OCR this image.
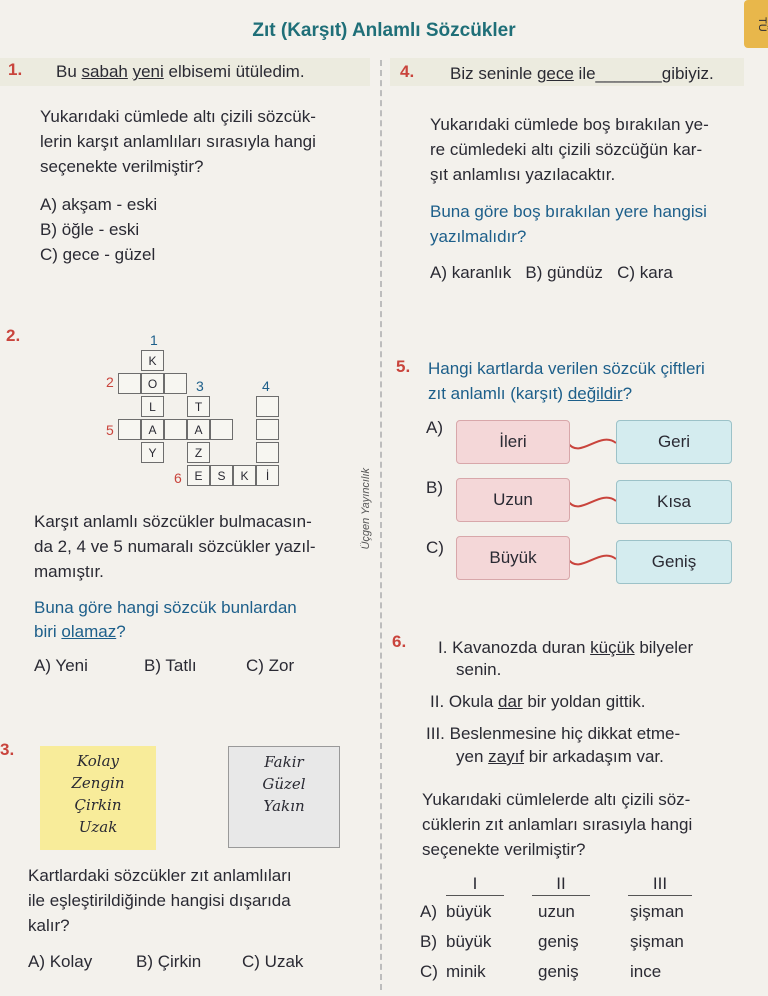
TÜ
Zıt (Karşıt) Anlamlı Sözcükler
Üçgen Yayıncılık
1. Bu sabah yeni elbisemi ütüledim.
Yukarıdaki cümlede altı çizili sözcük-
lerin karşıt anlamlıları sırasıyla hangi
seçenekte verilmiştir?
A) akşam - eski
B) öğle - eski
C) gece - güzel
2.	1
2	3	4
5
6
K
O
L	T
A	A
Y	Z
E	S	K	İ
Karşıt anlamlı sözcükler bulmacasın-
da 2, 4 ve 5 numaralı sözcükler yazıl-
mamıştır.
Buna göre hangi sözcük bunlardan
biri olamaz?
A) Yeni	B) Tatlı	C) Zor
3.
Kolay
Zengin
Çirkin
Uzak
Fakir
Güzel
Yakın
Kartlardaki sözcükler zıt anlamlıları
ile eşleştirildiğinde hangisi dışarıda
kalır?
A) Kolay	B) Çirkin C) Uzak
4. Biz seninle gece ile_______gibiyiz.
Yukarıdaki cümlede boş bırakılan ye-
re cümledeki altı çizili sözcüğün kar-
şıt anlamlısı yazılacaktır.
Buna göre boş bırakılan yere hangisi
yazılmalıdır?
A) karanlık   B) gündüz   C) kara
5. Hangi kartlarda verilen sözcük çiftleri
zıt anlamlı (karşıt) değildir?
A)
İleri	Geri
B)
Uzun	Kısa
C)
Büyük	Geniş
6. I. Kavanozda duran küçük bilyeler
senin.
II. Okula dar bir yoldan gittik.
III. Beslenmesine hiç dikkat etme-
yen zayıf bir arkadaşım var.
Yukarıdaki cümlelerde altı çizili söz-
cüklerin zıt anlamları sırasıyla hangi
seçenekte verilmiştir?
I	II	III
A) büyük	uzun	şişman
B) büyük	geniş	şişman
C) minik	geniş	ince
